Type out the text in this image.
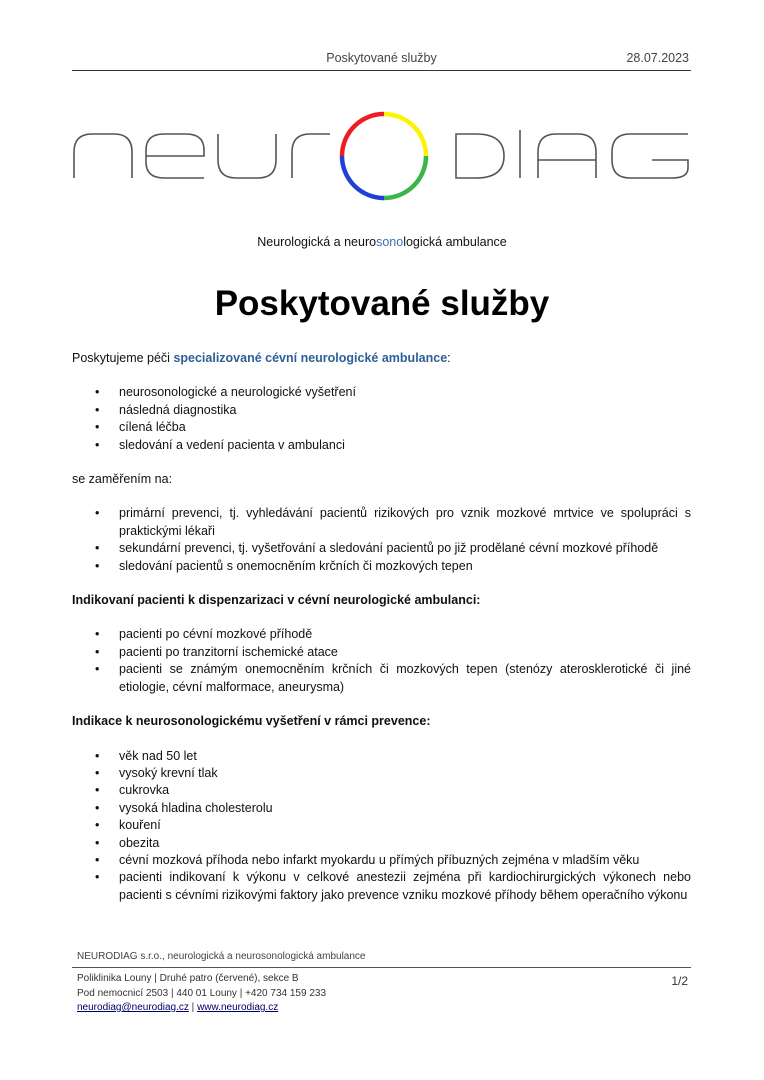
Poskytované služby	28.07.2023
Neurologická a neurosonologická ambulance
Poskytované služby

Poskytujeme péči specializované cévní neurologické ambulance:

• neurosonologické a neurologické vyšetření
• následná diagnostika
• cílená léčba
• sledování a vedení pacienta v ambulanci

se zaměřením na:

• primární prevenci, tj. vyhledávání pacientů rizikových pro vznik mozkové mrtvice ve spolupráci s praktickými lékaři
• sekundární prevenci, tj. vyšetřování a sledování pacientů po již prodělané cévní mozkové příhodě
• sledování pacientů s onemocněním krčních či mozkových tepen

Indikovaní pacienti k dispenzarizaci v cévní neurologické ambulanci:

• pacienti po cévní mozkové příhodě
• pacienti po tranzitorní ischemické atace
• pacienti se známým onemocněním krčních či mozkových tepen (stenózy aterosklerotické či jiné etiologie, cévní malformace, aneurysma)

Indikace k neurosonologickému vyšetření v rámci prevence:

• věk nad 50 let
• vysoký krevní tlak
• cukrovka
• vysoká hladina cholesterolu
• kouření
• obezita
• cévní mozková příhoda nebo infarkt myokardu u přímých příbuzných zejména v mladším věku
• pacienti indikovaní k výkonu v celkové anestezii zejména při kardiochirurgických výkonech nebo pacienti s cévními rizikovými faktory jako prevence vzniku mozkové příhody během operačního výkonu
NEURODIAG s.r.o., neurologická a neurosonologická ambulance
Poliklinika Louny | Druhé patro (červené), sekce B
Pod nemocnicí 2503 | 440 01 Louny | +420 734 159 233
neurodiag@neurodiag.cz | www.neurodiag.cz
1/2
